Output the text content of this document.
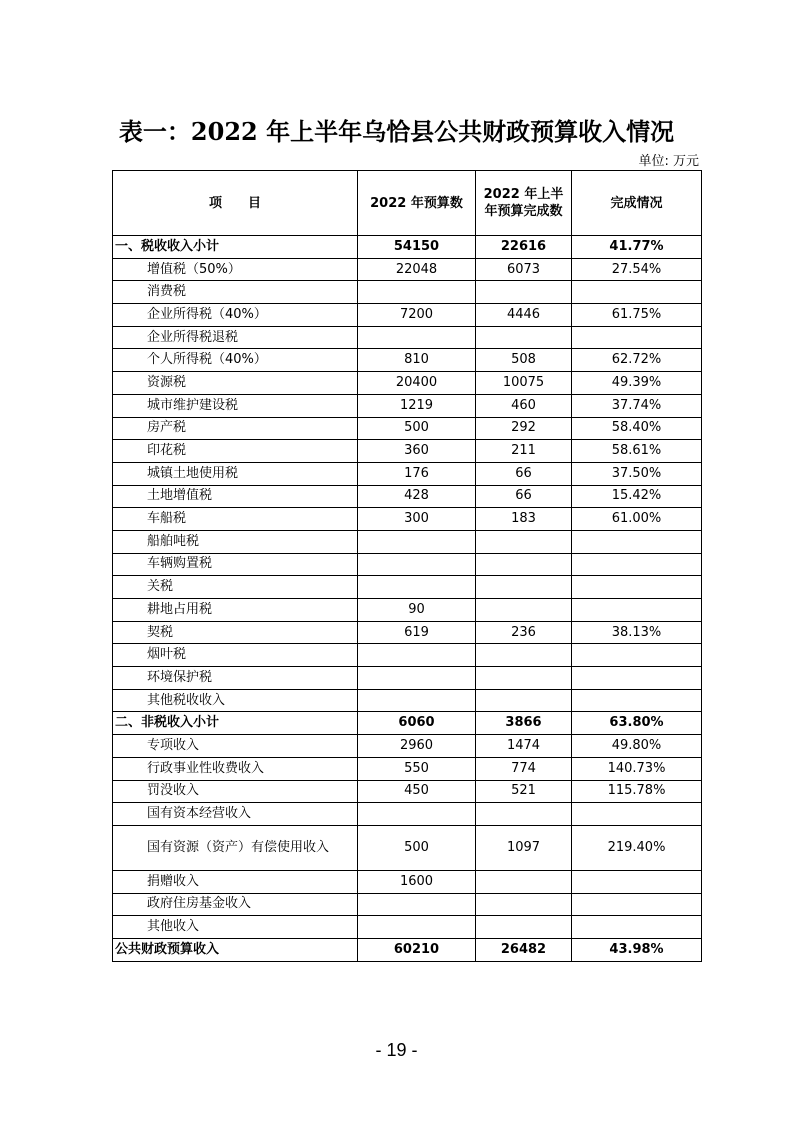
表一：2022 年上半年乌恰县公共财政预算收入情况
单位: 万元
项　　目	2022 年预算数	2022 年上半年预算完成数	完成情况
一、税收收入小计	54150	22616	41.77%
增值税（50%）	22048	6073	27.54%
消费税			
企业所得税（40%）	7200	4446	61.75%
企业所得税退税			
个人所得税（40%）	810	508	62.72%
资源税	20400	10075	49.39%
城市维护建设税	1219	460	37.74%
房产税	500	292	58.40%
印花税	360	211	58.61%
城镇土地使用税	176	66	37.50%
土地增值税	428	66	15.42%
车船税	300	183	61.00%
船舶吨税			
车辆购置税			
关税			
耕地占用税	90		
契税	619	236	38.13%
烟叶税			
环境保护税			
其他税收收入			
二、非税收入小计	6060	3866	63.80%
专项收入	2960	1474	49.80%
行政事业性收费收入	550	774	140.73%
罚没收入	450	521	115.78%
国有资本经营收入			
国有资源（资产）有偿使用收入	500	1097	219.40%
捐赠收入	1600		
政府住房基金收入			
其他收入			
公共财政预算收入	60210	26482	43.98%
- 19 -
